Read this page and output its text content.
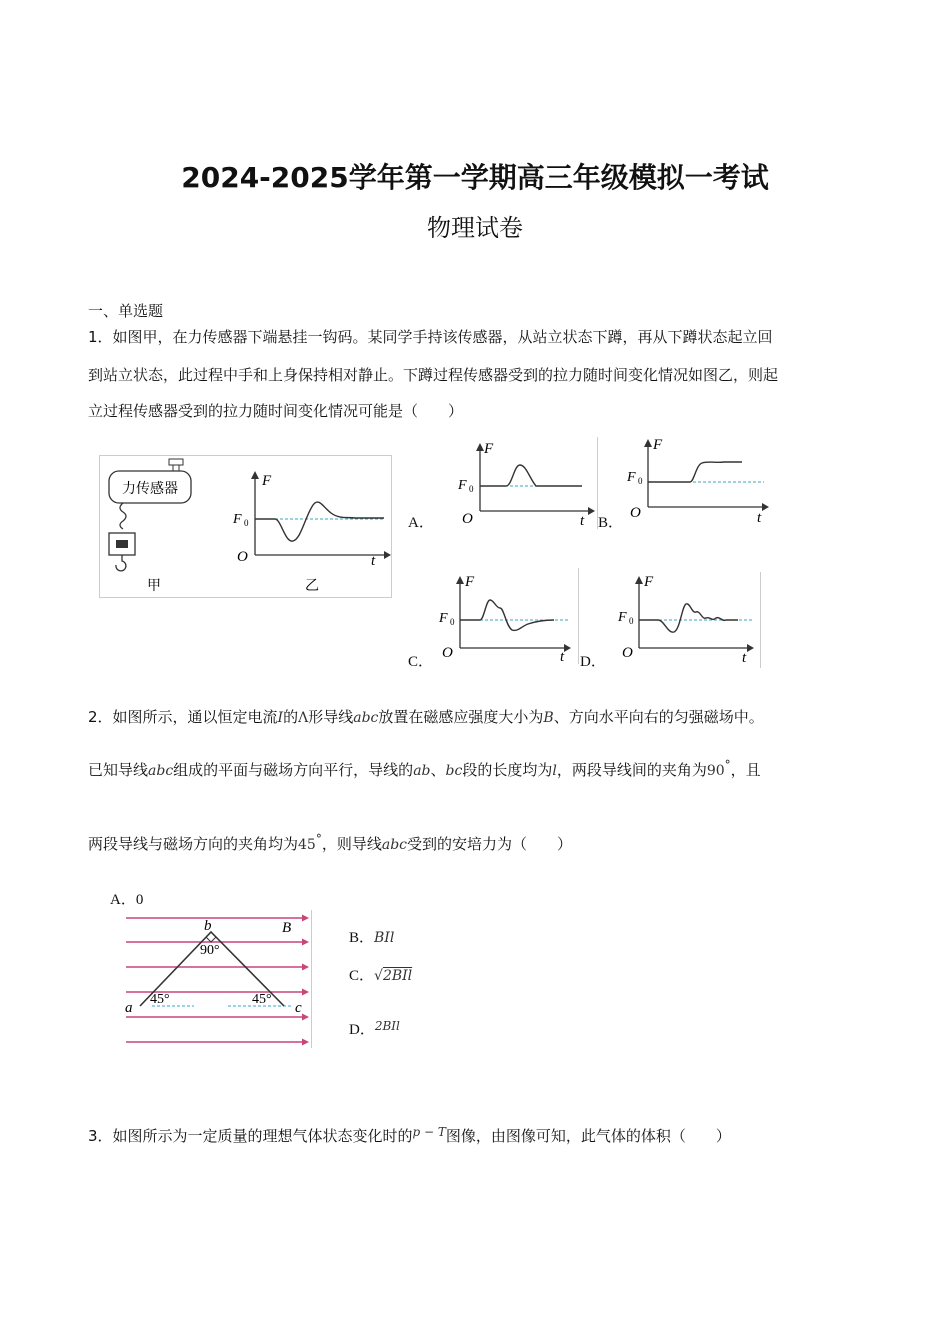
2024-2025学年第一学期高三年级模拟一考试
物理试卷
一、单选题
1．如图甲，在力传感器下端悬挂一钩码。某同学手持该传感器，从站立状态下蹲，再从下蹲状态起立回
到站立状态，此过程中手和上身保持相对静止。下蹲过程传感器受到的拉力随时间变化情况如图乙，则起
立过程传感器受到的拉力随时间变化情况可能是（　　）
力传感器
甲
F
F 0
O	t
乙
A．
F
F 0
O	t B．
F
F 0
O	t
C．
F
F 0
O	t D．
F
F 0
O	t
2．如图所示，通以恒定电流I的Λ形导线abc放置在磁感应强度大小为B、方向水平向右的匀强磁场中。
已知导线abc组成的平面与磁场方向平行，导线的ab、bc段的长度均为l，两段导线间的夹角为90°，且
两段导线与磁场方向的夹角均为45°，则导线abc受到的安培力为（　　）
A．0
b	B
90°
a
45°	45°
c
B．BIl
C．√2BIl
D．$^{2BIl}$
3．如图所示为一定质量的理想气体状态变化时的$^{p - T}$图像，由图像可知，此气体的体积（　　）
